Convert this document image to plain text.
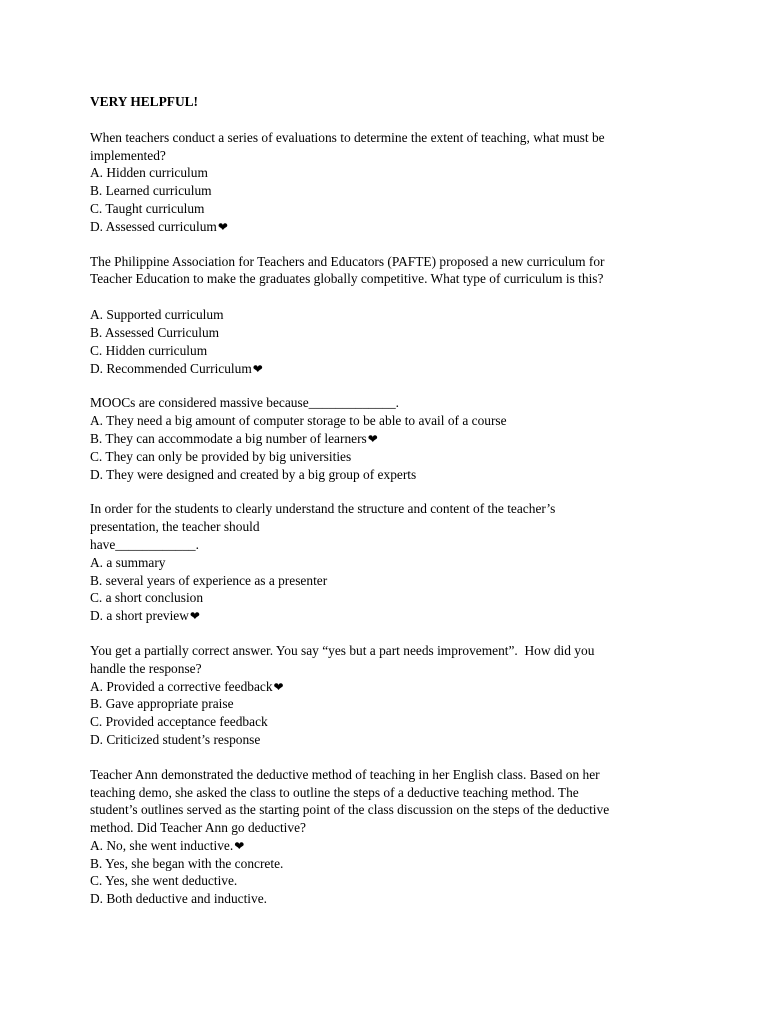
VERY HELPFUL!
When teachers conduct a series of evaluations to determine the extent of teaching, what must be
implemented?
A. Hidden curriculum
B. Learned curriculum
C. Taught curriculum
D. Assessed curriculum❤
The Philippine Association for Teachers and Educators (PAFTE) proposed a new curriculum for
Teacher Education to make the graduates globally competitive. What type of curriculum is this?
A. Supported curriculum
B. Assessed Curriculum
C. Hidden curriculum
D. Recommended Curriculum❤
MOOCs are considered massive because_____________.
A. They need a big amount of computer storage to be able to avail of a course
B. They can accommodate a big number of learners❤
C. They can only be provided by big universities
D. They were designed and created by a big group of experts
In order for the students to clearly understand the structure and content of the teacher’s
presentation, the teacher should
have____________.
A. a summary
B. several years of experience as a presenter
C. a short conclusion
D. a short preview❤
You get a partially correct answer. You say “yes but a part needs improvement”.  How did you
handle the response?
A. Provided a corrective feedback❤
B. Gave appropriate praise
C. Provided acceptance feedback
D. Criticized student’s response
Teacher Ann demonstrated the deductive method of teaching in her English class. Based on her
teaching demo, she asked the class to outline the steps of a deductive teaching method. The
student’s outlines served as the starting point of the class discussion on the steps of the deductive
method. Did Teacher Ann go deductive?
A. No, she went inductive.❤
B. Yes, she began with the concrete.
C. Yes, she went deductive.
D. Both deductive and inductive.
